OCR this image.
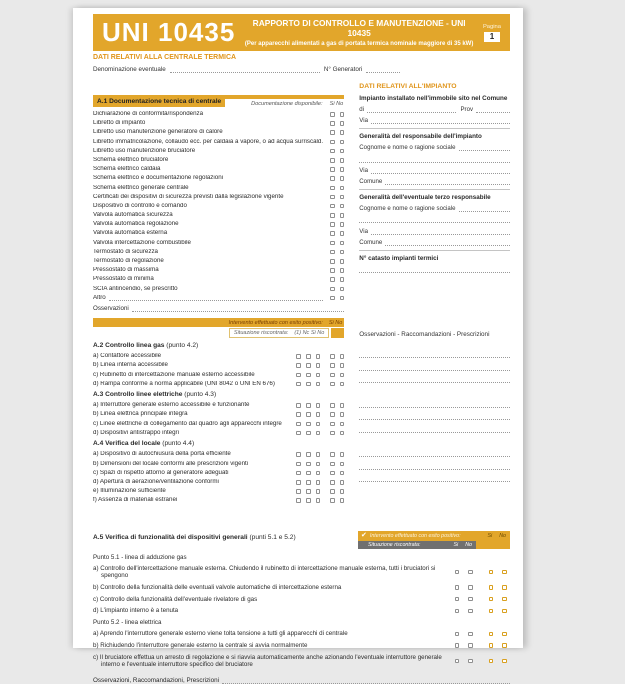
UNI 10435	RAPPORTO DI CONTROLLO E MANUTENZIONE - UNI 10435
(Per apparecchi alimentati a gas di portata termica nominale maggiore di 35 kW)
Pagina
1
DATI RELATIVI ALLA CENTRALE TERMICA
Denominazione eventuale	N° Generatori
A.1 Documentazione tecnica di centrale	Documentazione disponibile: Si No
Dichiarazione di conformità/rispondenza
Libretto di impianto
Libretto uso manutenzione generatore di calore
Libretto immatricolazione, collaudo ecc. per caldaia a vapore, o ad acqua surriscald.
Libretto uso manutenzione bruciatore
Schema elettrico bruciatore
Schema elettrico caldaia
Schema elettrico e documentazione regolazioni
Schema elettrico generale centrale
Certificati dei dispositivi di sicurezza previsti dalla legislazione vigente
Dispositivo di controllo e comando
Valvola automatica sicurezza
Valvola automatica regolazione
Valvola automatica esterna
Valvola intercettazione combustibile
Termostato di sicurezza
Termostato di regolazione
Pressostato di massima
Pressostato di minima
SCIA antincendio, se prescritto
Altro
Osservazioni
Intervento effettuato con esito positivo: Si No
Situazione riscontrata: (1) Nc Si No
A.2 Controllo linea gas (punto 4.2)
a) Contattore accessibile
b) Linea interna accessibile
c) Rubinetto di intercettazione manuale esterno accessibile
d) Rampa conforme a norma applicabile (UNI 8042 o UNI EN 676)
A.3 Controllo linee elettriche (punto 4.3)
a) Interruttore generale esterno accessibile e funzionante
b) Linea elettrica principale integra
c) Linee elettriche di collegamento dal quadro agli apparecchi integre
d) Dispositivi antistrappo integri
A.4 Verifica del locale (punto 4.4)
a) Dispositivo di autochiusura della porta efficiente
b) Dimensioni del locale conformi alle prescrizioni vigenti
c) Spazi di rispetto attorno al generatore adeguati
d) Apertura di aerazione/ventilazione conformi
e) Illuminazione sufficiente
f) Assenza di materiali estranei
DATI RELATIVI ALL'IMPIANTO
Impianto installato nell'immobile sito nel Comune
di	Prov
Via
Generalità del responsabile dell'impianto
Cognome e nome o ragione sociale
Via
Comune
Generalità dell'eventuale terzo responsabile
Cognome e nome o ragione sociale
Via
Comune
N° catasto impianti termici
Osservazioni - Raccomandazioni - Prescrizioni
A.5 Verifica di funzionalità dei dispositivi generali (punti 5.1 e 5.2)	✔ Intervento effettuato con esito positivo:	Si No
Situazione riscontrata:	Si No
Punto 5.1 - linea di adduzione gas
a) Controllo dell'intercettazione manuale esterna. Chiudendo il rubinetto di intercettazione manuale esterna, tutti i bruciatori si spengono
b) Controllo della funzionalità delle eventuali valvole automatiche di intercettazione esterna
c) Controllo della funzionalità dell'eventuale rivelatore di gas
d) L'impianto interno è a tenuta
Punto 5.2 - linea elettrica
a) Aprendo l'interruttore generale esterno viene tolta tensione a tutti gli apparecchi di centrale
b) Richiudendo l'interruttore generale esterno la centrale si avvia normalmente
c) Il bruciatore effettua un arresto di regolazione e si riavvia automaticamente anche azionando l'eventuale interruttore generale interno e l'eventuale interruttore specifico del bruciatore
Osservazioni, Raccomandazioni, Prescrizioni
